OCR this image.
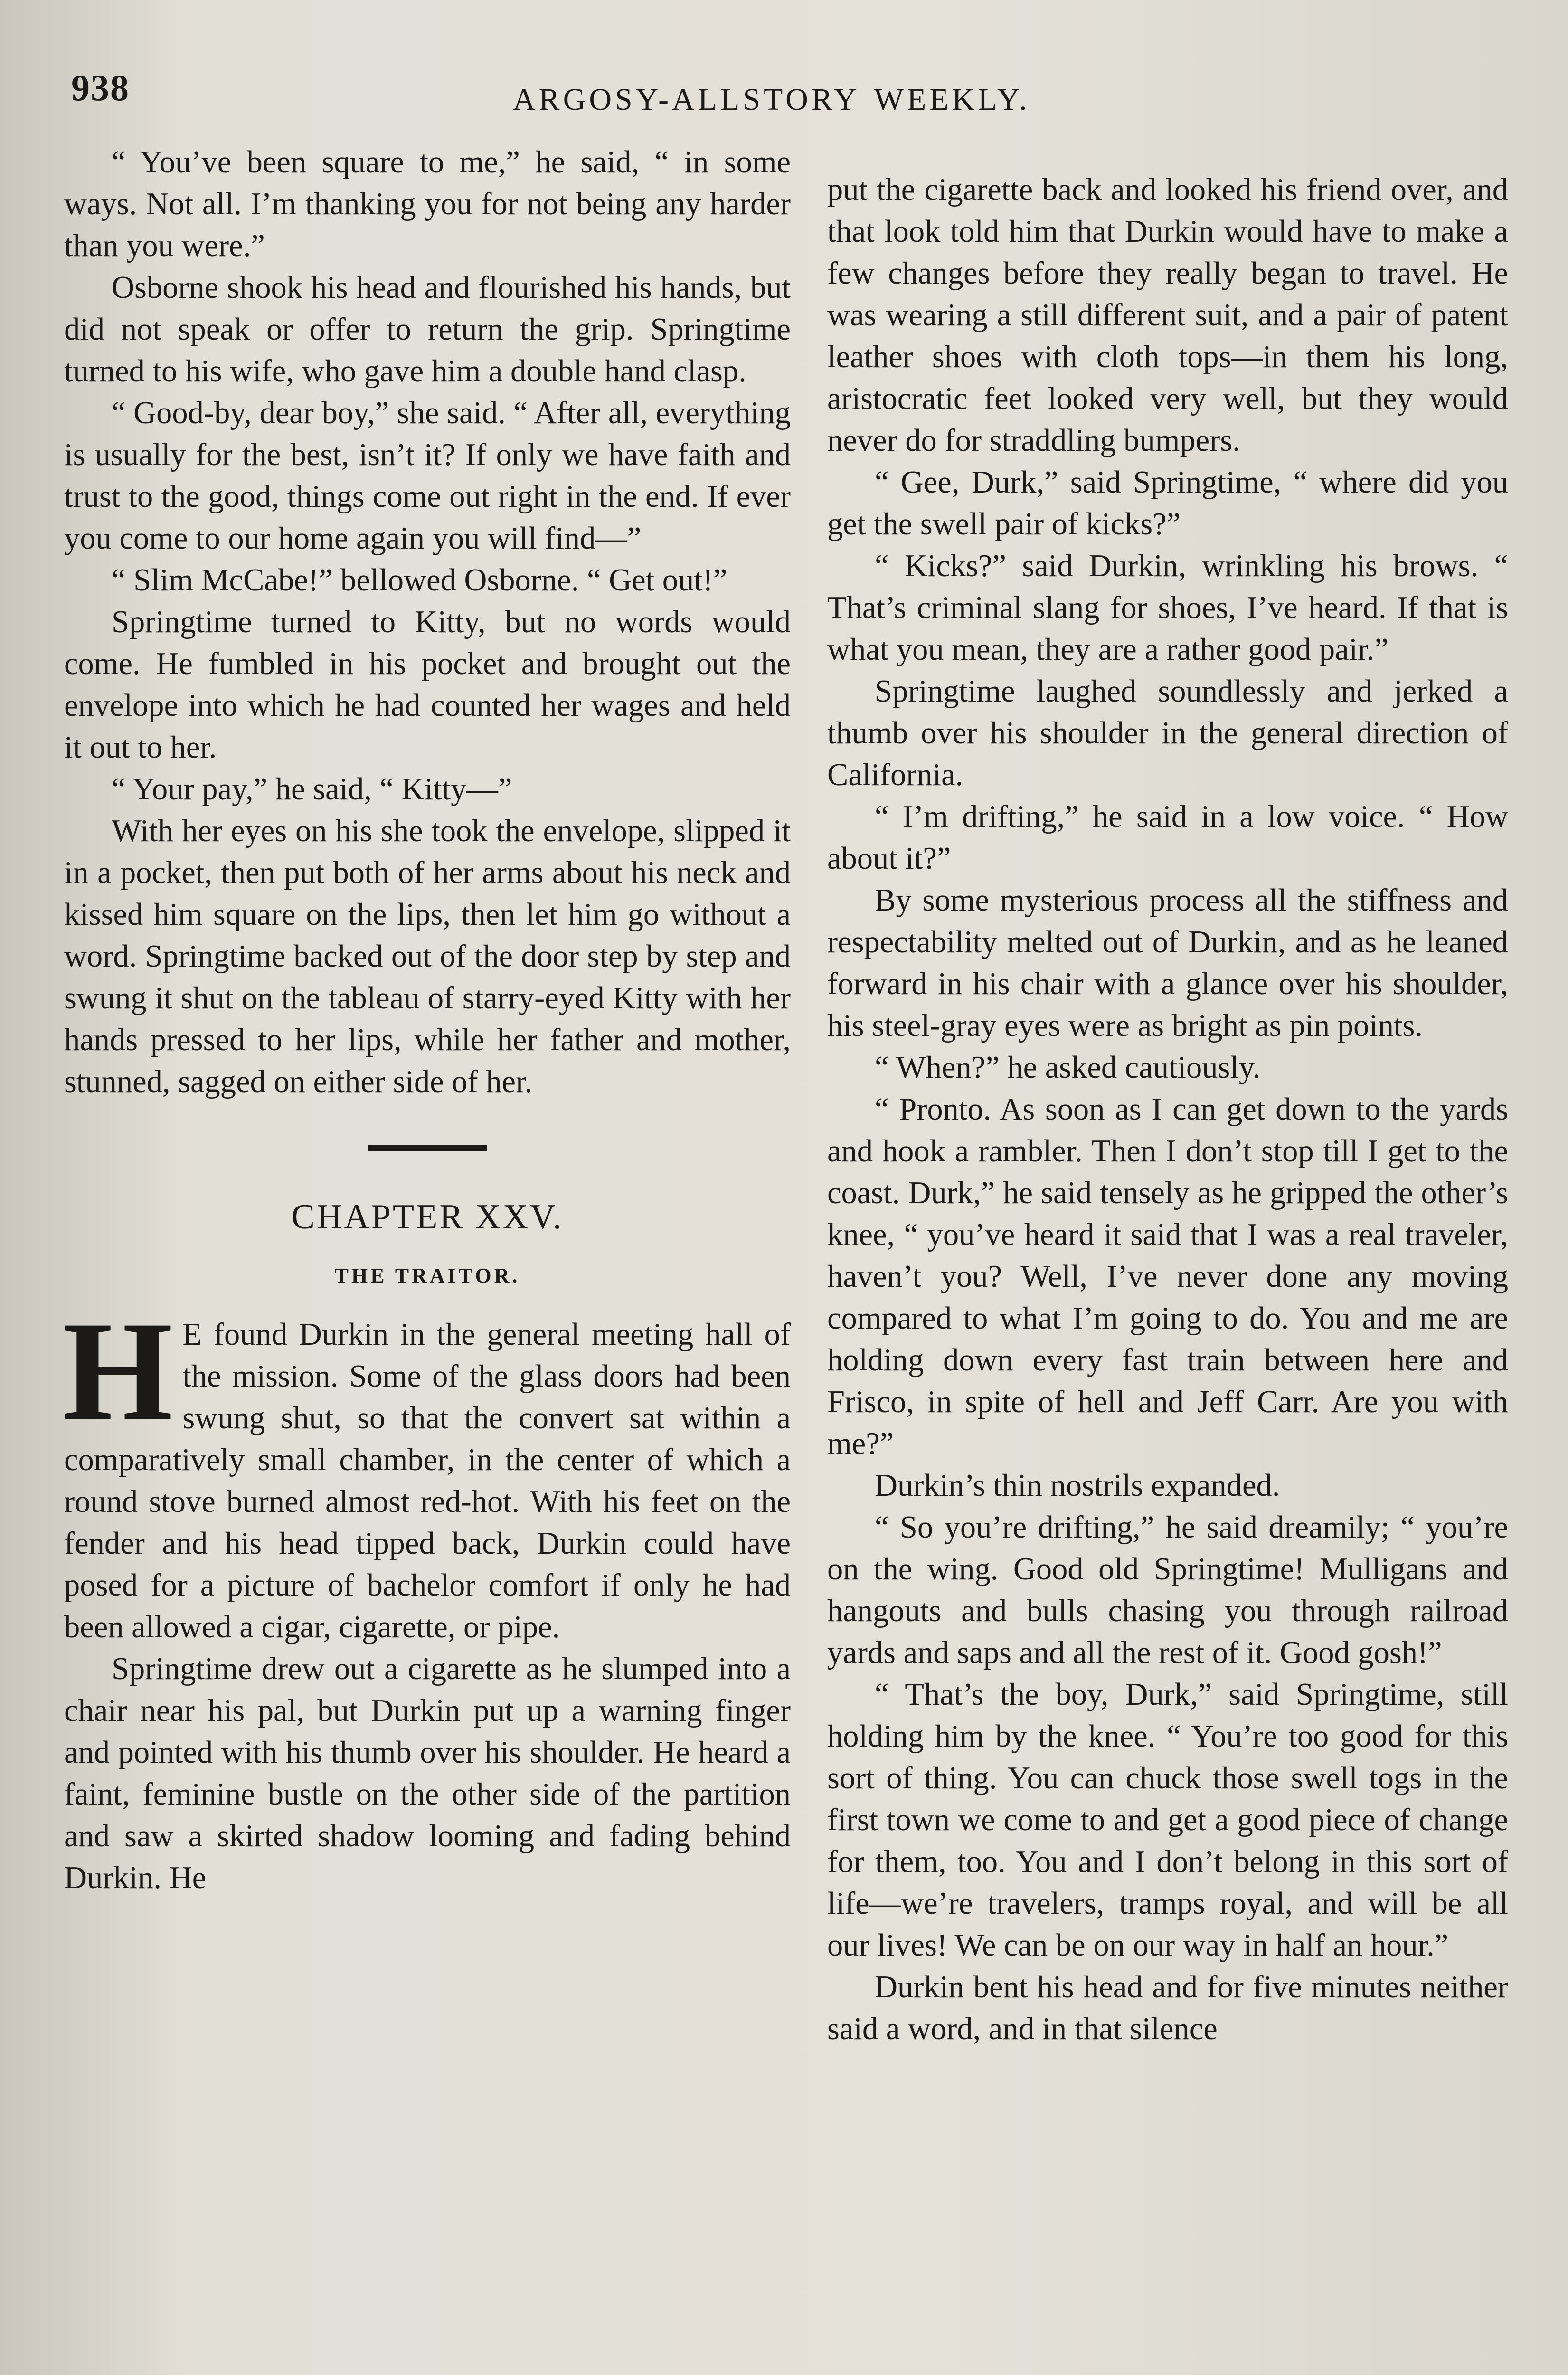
938	ARGOSY-ALLSTORY WEEKLY.

“ You’ve been square to me,” he said, “ in some ways. Not all. I’m thanking you for not being any harder than you were.”

Osborne shook his head and flourished his hands, but did not speak or offer to return the grip. Springtime turned to his wife, who gave him a double hand clasp.

“ Good-by, dear boy,” she said. “ After all, everything is usually for the best, isn’t it? If only we have faith and trust to the good, things come out right in the end. If ever you come to our home again you will find—”

“ Slim McCabe!” bellowed Osborne. “ Get out!”

Springtime turned to Kitty, but no words would come. He fumbled in his pocket and brought out the envelope into which he had counted her wages and held it out to her.

“ Your pay,” he said, “ Kitty—”

With her eyes on his she took the envelope, slipped it in a pocket, then put both of her arms about his neck and kissed him square on the lips, then let him go without a word. Springtime backed out of the door step by step and swung it shut on the tableau of starry-eyed Kitty with her hands pressed to her lips, while her father and mother, stunned, sagged on either side of her.

CHAPTER XXV.
THE TRAITOR.

H E found Durkin in the general meeting hall of the mission. Some of the glass doors had been swung shut, so that the convert sat within a comparatively small chamber, in the center of which a round stove burned almost red-hot. With his feet on the fender and his head tipped back, Durkin could have posed for a picture of bachelor comfort if only he had been allowed a cigar, cigarette, or pipe.

Springtime drew out a cigarette as he slumped into a chair near his pal, but Durkin put up a warning finger and pointed with his thumb over his shoulder. He heard a faint, feminine bustle on the other side of the partition and saw a skirted shadow looming and fading behind Durkin. He

put the cigarette back and looked his friend over, and that look told him that Durkin would have to make a few changes before they really began to travel. He was wearing a still different suit, and a pair of patent leather shoes with cloth tops—in them his long, aristocratic feet looked very well, but they would never do for straddling bumpers.

“ Gee, Durk,” said Springtime, “ where did you get the swell pair of kicks?”

“ Kicks?” said Durkin, wrinkling his brows. “ That’s criminal slang for shoes, I’ve heard. If that is what you mean, they are a rather good pair.”

Springtime laughed soundlessly and jerked a thumb over his shoulder in the general direction of California.

“ I’m drifting,” he said in a low voice. “ How about it?”

By some mysterious process all the stiffness and respectability melted out of Durkin, and as he leaned forward in his chair with a glance over his shoulder, his steel-gray eyes were as bright as pin points.

“ When?” he asked cautiously.

“ Pronto. As soon as I can get down to the yards and hook a rambler. Then I don’t stop till I get to the coast. Durk,” he said tensely as he gripped the other’s knee, “ you’ve heard it said that I was a real traveler, haven’t you? Well, I’ve never done any moving compared to what I’m going to do. You and me are holding down every fast train between here and Frisco, in spite of hell and Jeff Carr. Are you with me?”

Durkin’s thin nostrils expanded.

“ So you’re drifting,” he said dreamily; “ you’re on the wing. Good old Springtime! Mulligans and hangouts and bulls chasing you through railroad yards and saps and all the rest of it. Good gosh!”

“ That’s the boy, Durk,” said Springtime, still holding him by the knee. “ You’re too good for this sort of thing. You can chuck those swell togs in the first town we come to and get a good piece of change for them, too. You and I don’t belong in this sort of life—we’re travelers, tramps royal, and will be all our lives! We can be on our way in half an hour.”

Durkin bent his head and for five minutes neither said a word, and in that silence
